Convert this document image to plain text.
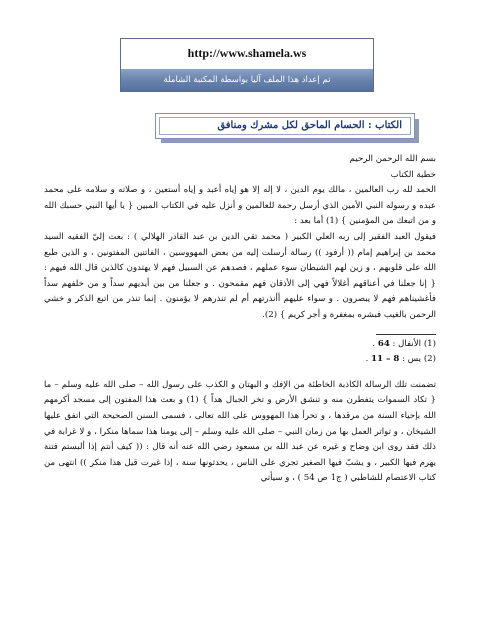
http://www.shamela.ws
تم إعداد هذا الملف آليا بواسطة المكتبة الشاملة
الكتاب : الحسام الماحق لكل مشرك ومنافق

بسم الله الرحمن الرحيم

خطبة الكتاب

الحمد لله رب العالمين ، مالك يوم الدين ، لا إله إلا هو إياه أعبد و إياه أستعين ، و صلاته و سلامه على محمد عبده و رسوله النبي الأمين الذي أرسل رحمة للعالمين و أنزل عليه في الكتاب المبين { يا أيها النبي حسبك الله و من اتبعك من المؤمنين } (1) أما بعد :

فيقول العبد الفقير إلى ربه العلي الكبير ( محمد تقي الدين بن عبد القادر الهلالي ) : بعث إليّ الفقيه السيد محمد بن إبراهيم إمام (( أرفود )) رسالة أرسلت إليه من بعض المهووسين ، الفاتنين المفتونين ، و الذين طبع الله على قلوبهم ، و زين لهم الشيطان سوء عملهم ، فصدهم عن السبيل فهم لا يهتدون كالذين قال الله فيهم : { إنا جعلنا في أعناقهم أغلالاً فهي إلى الأذقان فهم مقمحون . و جعلنا من بين أيديهم سداً و من خلفهم سداً فأغشيناهم فهم لا يبصرون . و سواء عليهم أأنذرتهم أم لم تنذرهم لا يؤمنون . إنما تنذر من اتبع الذكر و خشي الرحمن بالغيب فبشره بمغفرة و أجر كريم } (2).

(1) الأنفال : 64 .

(2) يس : 8 – 11 .

تضمنت تلك الرسالة الكاذبة الخاطئة من الإفك و البهتان و الكذب على رسول الله – صلى الله عليه وسلم – ما { تكاد السموات يتفطرن منه و تنشق الأرض و تخر الجبال هداً } (1) و بعث هذا المفتون إلى مسجد أكرمهم الله بإحياء السنة من مرقدها ، و تحرأ هذا المهووس على الله تعالى ، فسمى السنن الصحيحة التي اتفق عليها الشيخان ، و تواتر العمل بها من زمان النبي – صلى الله عليه وسلم – إلى يومنا هذا سماها منكرا ، و لا غرابة في ذلك فقد روى ابن وضاح و غيره عن عبد الله بن مسعود رضي الله عنه أنه قال : (( كيف أنتم إذا ألبستم فتنة يهرم فيها الكبير ، و يشبّ فيها الصغير تجري على الناس ، يحدثونها سنة ، إذا غيرت قيل هذا منكر )) انتهى من كتاب الاعتصام للشاطبي ( ج1 ص 54 ) ، و سيأتي
